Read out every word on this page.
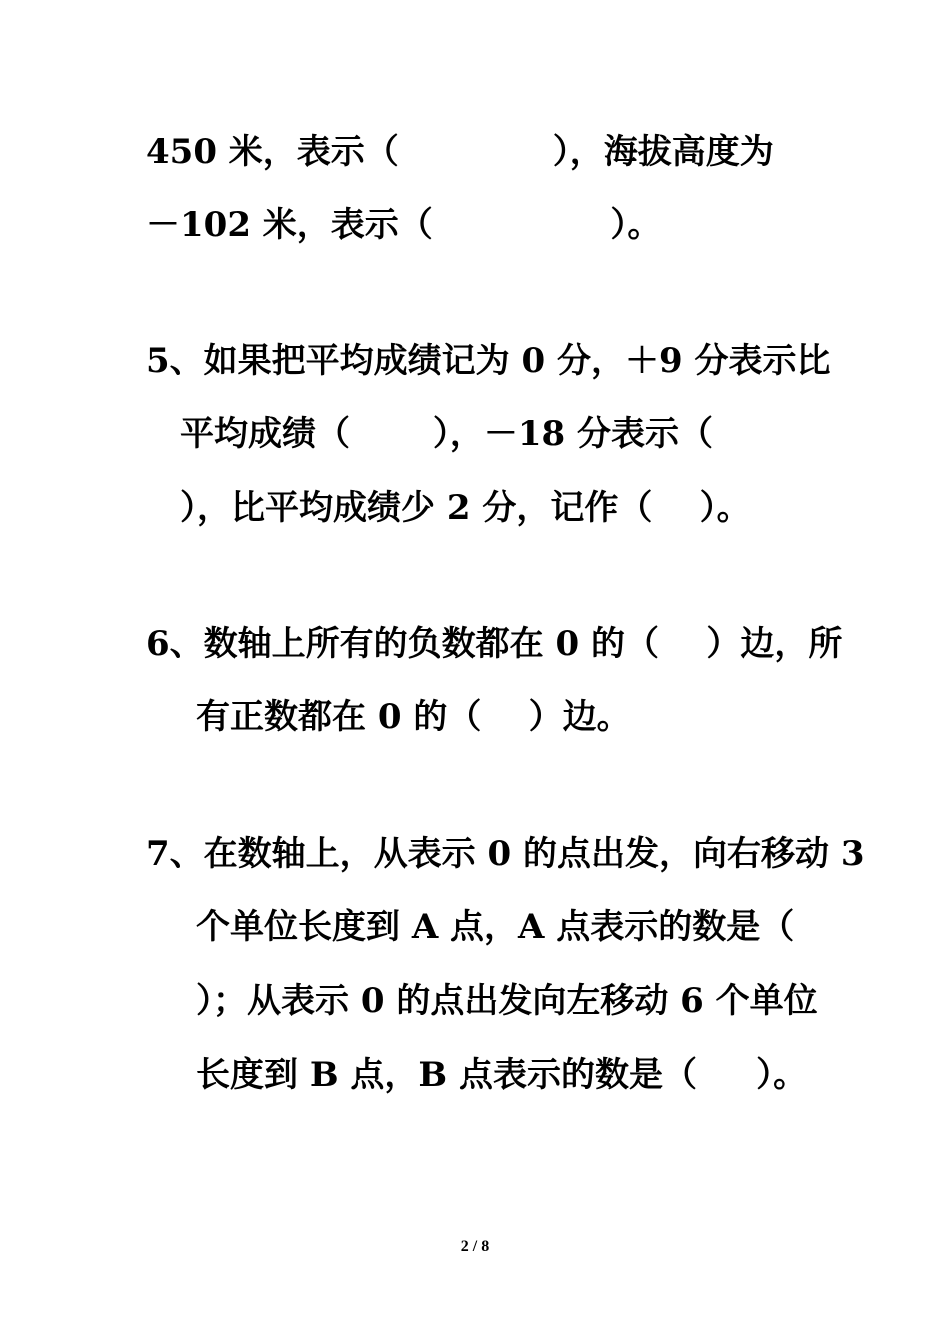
450 米，表示（             ），海拔高度为
－102 米，表示（               ）。
5、如果把平均成绩记为 0 分，＋9 分表示比
平均成绩（       ），－18 分表示（
），比平均成绩少 2 分，记作（    ）。
6、数轴上所有的负数都在 0 的（    ）边，所
有正数都在 0 的（    ）边。
7、在数轴上，从表示 0 的点出发，向右移动 3
个单位长度到 A 点，A 点表示的数是（
）；从表示 0 的点出发向左移动 6 个单位
长度到 B 点，B 点表示的数是（     ）。
2 / 8
